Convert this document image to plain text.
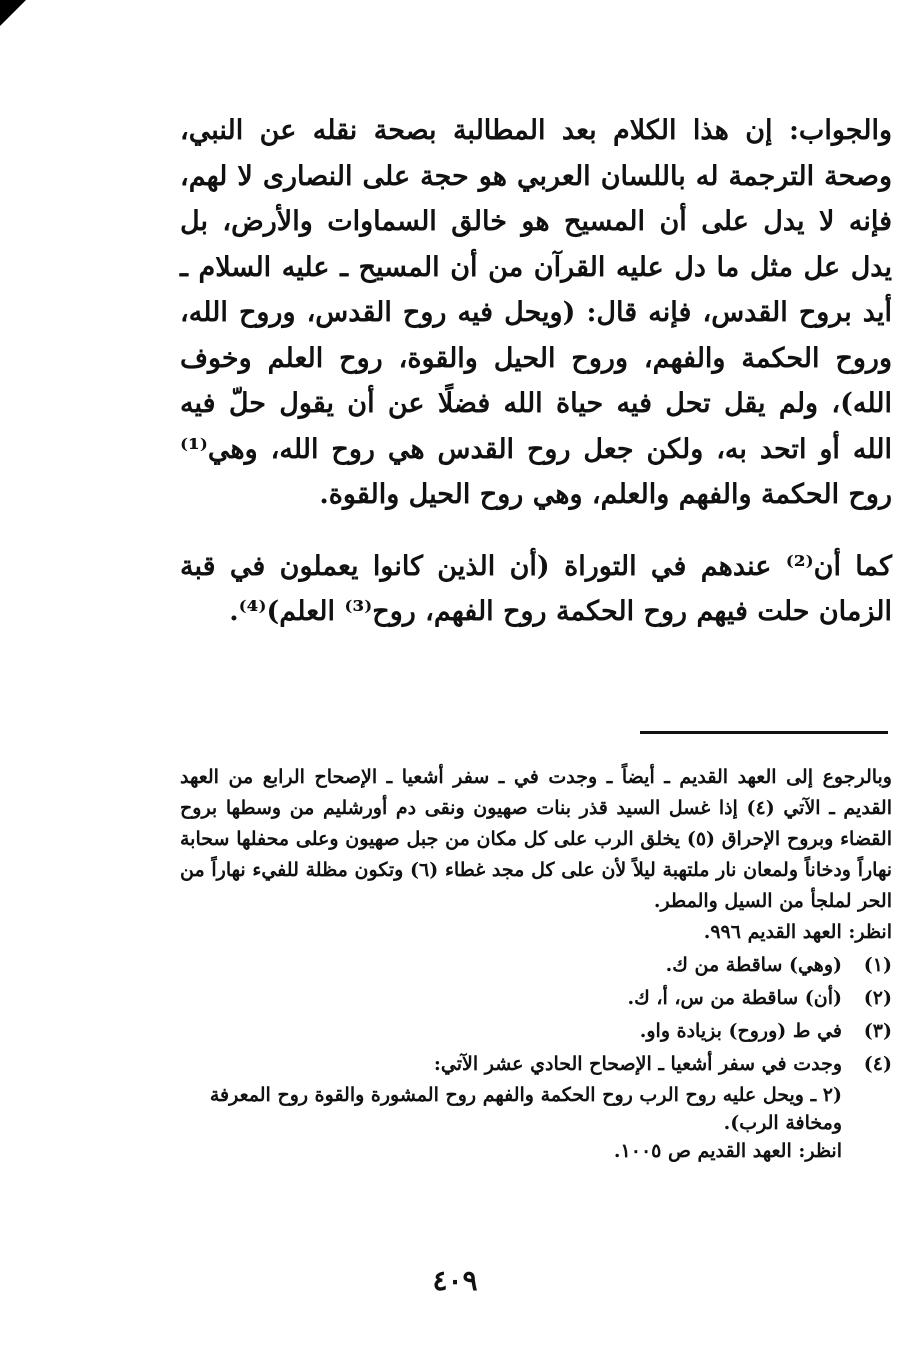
والجواب: إن هذا الكلام بعد المطالبة بصحة نقله عن النبي، وصحة الترجمة له باللسان العربي هو حجة على النصارى لا لهم، فإنه لا يدل على أن المسيح هو خالق السماوات والأرض، بل يدل عل مثل ما دل عليه القرآن من أن المسيح ـ عليه السلام ـ أيد بروح القدس، فإنه قال: (ويحل فيه روح القدس، وروح الله، وروح الحكمة والفهم، وروح الحيل والقوة، روح العلم وخوف الله)، ولم يقل تحل فيه حياة الله فضلًا عن أن يقول حلّ فيه الله أو اتحد به، ولكن جعل روح القدس هي روح الله، وهي⁽¹⁾ روح الحكمة والفهم والعلم، وهي روح الحيل والقوة.

كما أن⁽²⁾ عندهم في التوراة (أن الذين كانوا يعملون في قبة الزمان حلت فيهم روح الحكمة روح الفهم، روح⁽³⁾ العلم)⁽⁴⁾.

وبالرجوع إلى العهد القديم ـ أيضاً ـ وجدت في ـ سفر أشعيا ـ الإصحاح الرابع من العهد القديم ـ الآتي (٤) إذا غسل السيد قذر بنات صهيون ونقى دم أورشليم من وسطها بروح القضاء وبروح الإحراق (٥) يخلق الرب على كل مكان من جبل صهيون وعلى محفلها سحابة نهاراً ودخاناً ولمعان نار ملتهبة ليلاً لأن على كل مجد غطاء (٦) وتكون مظلة للفيء نهاراً من الحر لملجأ من السيل والمطر.

انظر: العهد القديم ٩٩٦.

(١)
(وهي) ساقطة من ك.
(٢)
(أن) ساقطة من س، أ، ك.
(٣)
في ط (وروح) بزيادة واو.
(٤)
وجدت في سفر أشعيا ـ الإصحاح الحادي عشر الآتي:

(٢ ـ ويحل عليه روح الرب روح الحكمة والفهم روح المشورة والقوة روح المعرفة ومخافة الرب).

انظر: العهد القديم ص ١٠٠٥.

٤٠٩
